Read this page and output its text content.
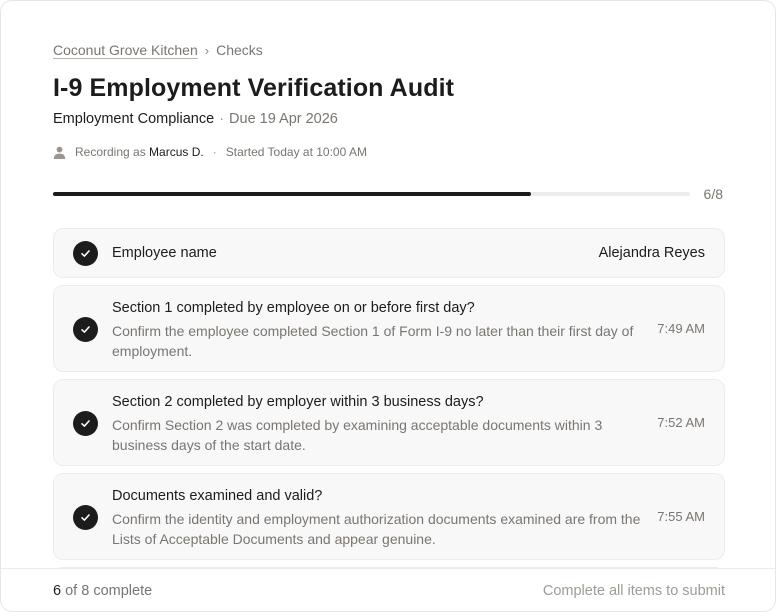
Coconut Grove Kitchen › Checks
I-9 Employment Verification Audit
Employment Compliance · Due 19 Apr 2026
Recording as Marcus D. · Started Today at 10:00 AM
6/8
Employee name	Alejandra Reyes
Section 1 completed by employee on or before first day?
Confirm the employee completed Section 1 of Form I-9 no later than their first day of employment.
7:49 AM
Section 2 completed by employer within 3 business days?
Confirm Section 2 was completed by examining acceptable documents within 3 business days of the start date.
7:52 AM
Documents examined and valid?
Confirm the identity and employment authorization documents examined are from the Lists of Acceptable Documents and appear genuine.
7:55 AM
6 of 8 complete	Complete all items to submit
